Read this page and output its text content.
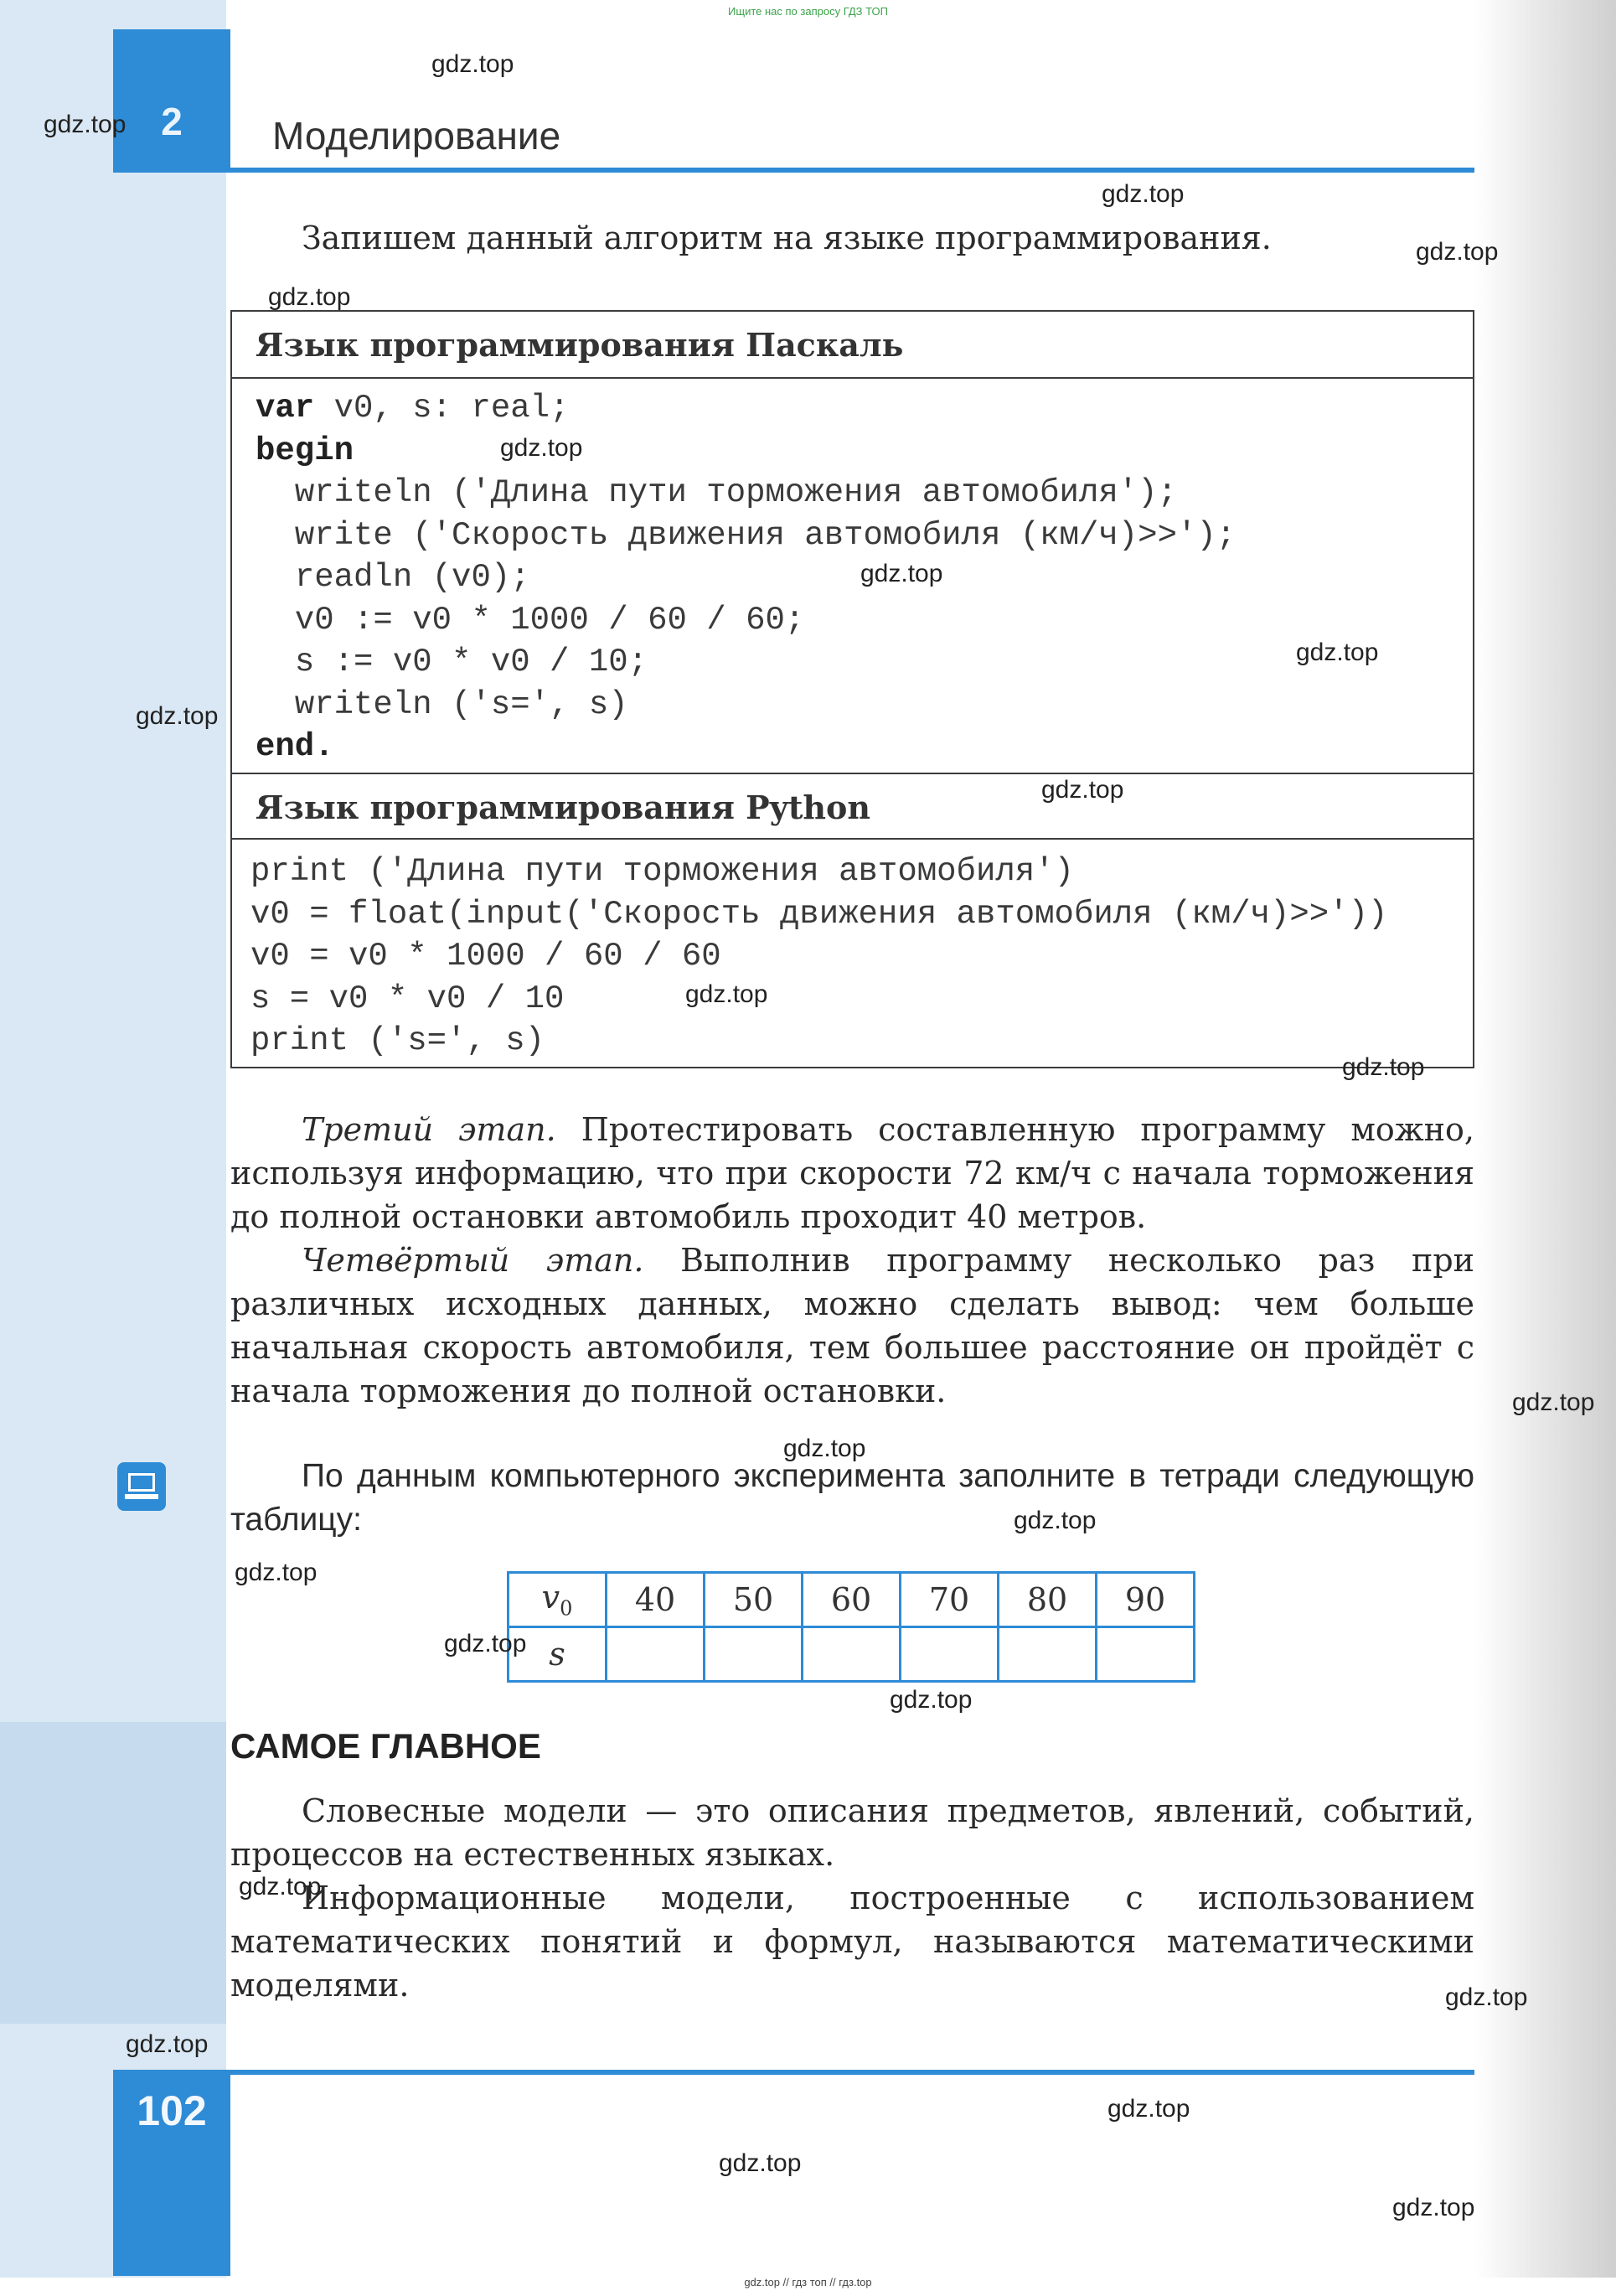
Ищите нас по запросу ГДЗ ТОП
2	Моделирование

Запишем данный алгоритм на языке программирования.

Язык программирования Паскаль
var v0, s: real;
begin
writeln ('Длина пути торможения автомобиля');
write ('Скорость движения автомобиля (км/ч)>>');
readln (v0);
v0 := v0 * 1000 / 60 / 60;
s := v0 * v0 / 10;
writeln ('s=', s)
end.
Язык программирования Python
print ('Длина пути торможения автомобиля')
v0 = float(input('Скорость движения автомобиля (км/ч)>>'))
v0 = v0 * 1000 / 60 / 60
s = v0 * v0 / 10
print ('s=', s)

Третий этап. Протестировать составленную программу можно, используя информацию, что при скорости 72 км/ч с начала торможения до полной остановки автомобиль проходит 40 метров.

Четвёртый этап. Выполнив программу несколько раз при различных исходных данных, можно сделать вывод: чем больше начальная скорость автомобиля, тем большее расстояние он пройдёт с начала торможения до полной остановки.

По данным компьютерного эксперимента заполните в тетради следующую таблицу:

$v_0$	40	50	60	70	80	90
s						
САМОЕ ГЛАВНОЕ

Словесные модели — это описания предметов, явлений, событий, процессов на естественных языках.

Информационные модели, построенные с использованием математических понятий и формул, называются математическими моделями.

102
gdz.top // гдз топ // гдз.top
gdz.top
gdz.top
gdz.top
gdz.top
gdz.top
gdz.top
gdz.top
gdz.top
gdz.top
gdz.top
gdz.top
gdz.top
gdz.top
gdz.top
gdz.top
gdz.top
gdz.top
gdz.top
gdz.top
gdz.top
gdz.top
gdz.top
gdz.top
gdz.top
